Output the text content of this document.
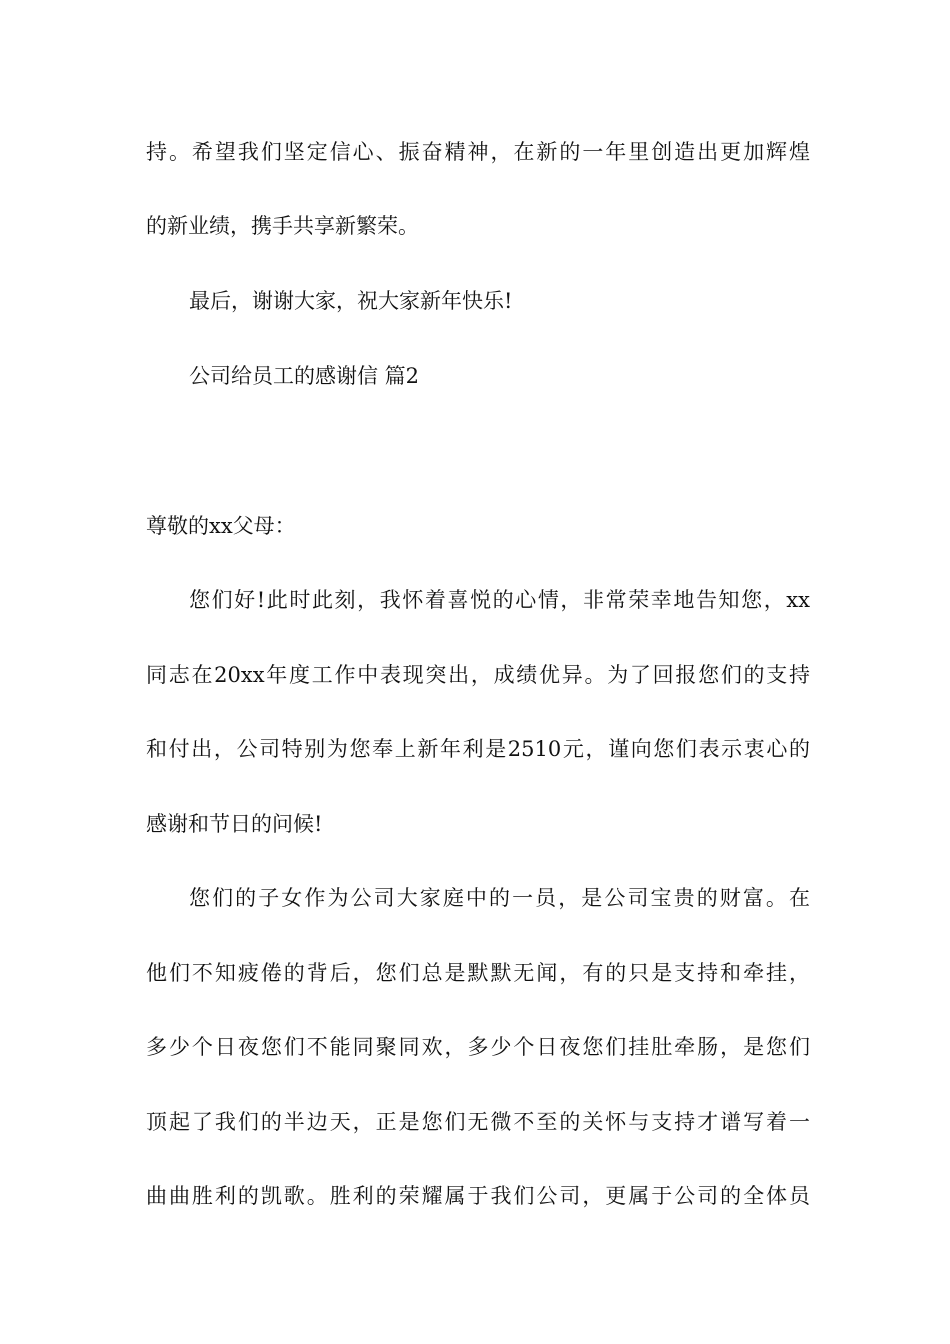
持。希望我们坚定信心、振奋精神，在新的一年里创造出更加辉煌
的新业绩，携手共享新繁荣。
最后，谢谢大家，祝大家新年快乐!
公司给员工的感谢信 篇2
尊敬的xx父母：
您们好!此时此刻，我怀着喜悦的心情，非常荣幸地告知您，xx
同志在20xx年度工作中表现突出，成绩优异。为了回报您们的支持
和付出，公司特别为您奉上新年利是2510元，谨向您们表示衷心的
感谢和节日的问候!
您们的子女作为公司大家庭中的一员，是公司宝贵的财富。在
他们不知疲倦的背后，您们总是默默无闻，有的只是支持和牵挂，
多少个日夜您们不能同聚同欢，多少个日夜您们挂肚牵肠，是您们
顶起了我们的半边天，正是您们无微不至的关怀与支持才谱写着一
曲曲胜利的凯歌。胜利的荣耀属于我们公司，更属于公司的全体员
